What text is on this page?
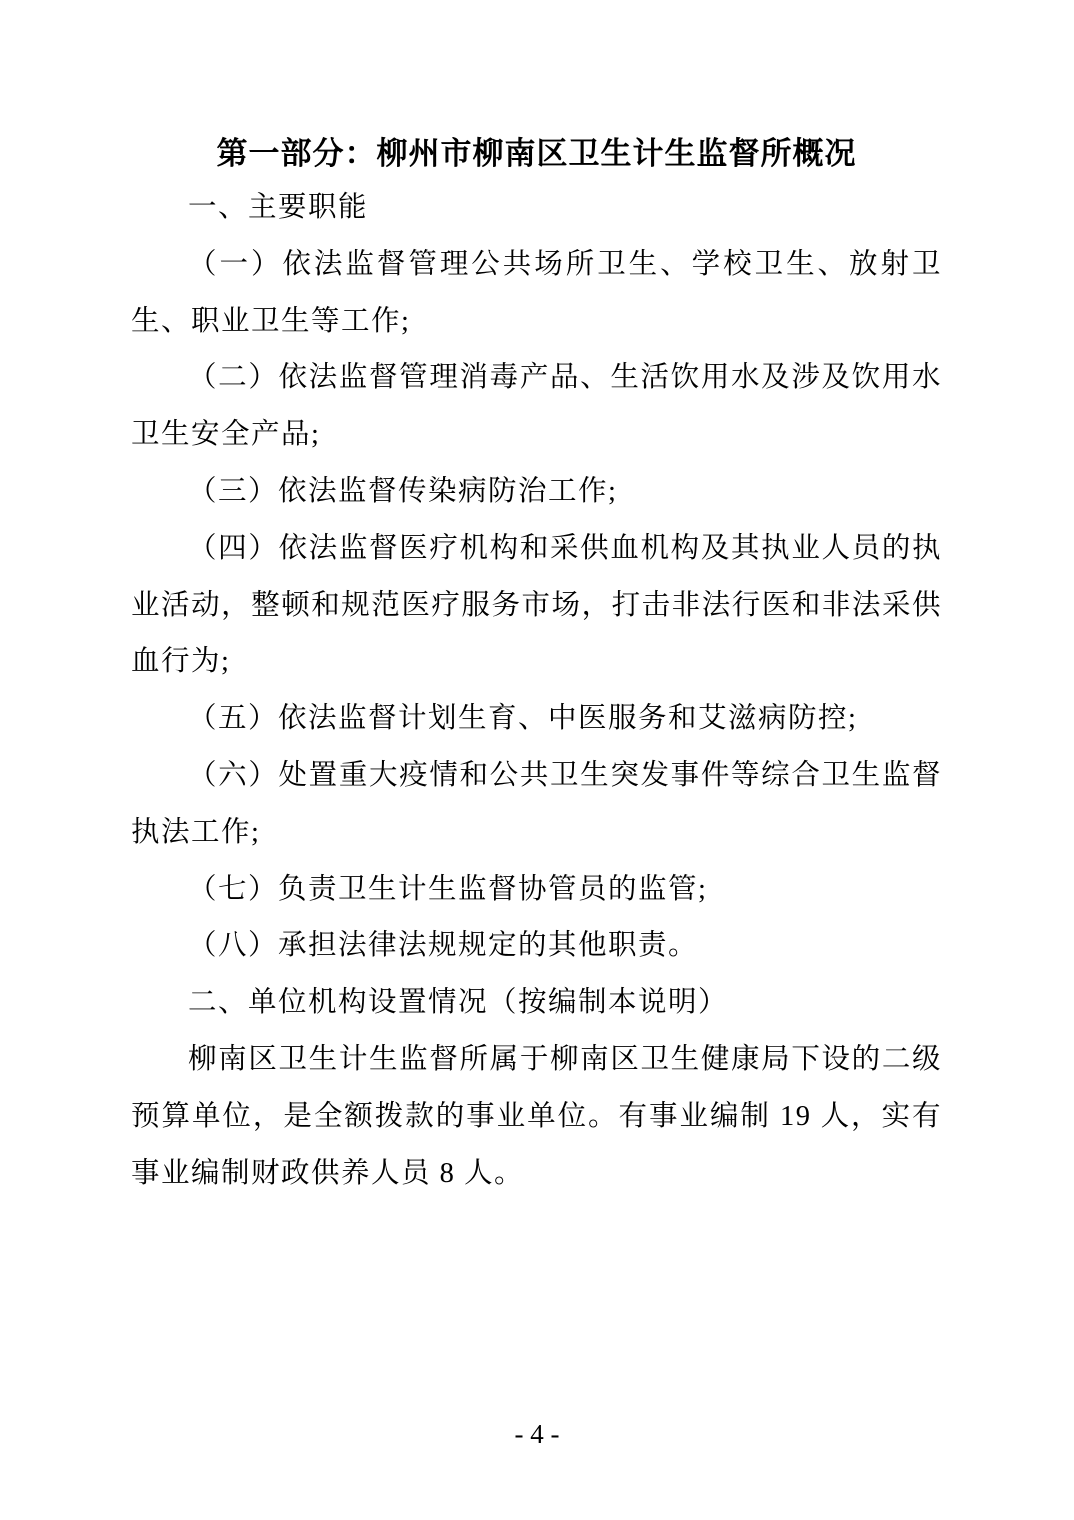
第一部分：柳州市柳南区卫生计生监督所概况

一、主要职能

（一）依法监督管理公共场所卫生、学校卫生、放射卫生、职业卫生等工作;

（二）依法监督管理消毒产品、生活饮用水及涉及饮用水卫生安全产品;

（三）依法监督传染病防治工作;

（四）依法监督医疗机构和采供血机构及其执业人员的执业活动，整顿和规范医疗服务市场，打击非法行医和非法采供血行为;

（五）依法监督计划生育、中医服务和艾滋病防控;

（六）处置重大疫情和公共卫生突发事件等综合卫生监督执法工作;

（七）负责卫生计生监督协管员的监管;

（八）承担法律法规规定的其他职责。

二、单位机构设置情况（按编制本说明）

柳南区卫生计生监督所属于柳南区卫生健康局下设的二级预算单位，是全额拨款的事业单位。有事业编制 19 人，实有事业编制财政供养人员 8 人。

- 4 -
